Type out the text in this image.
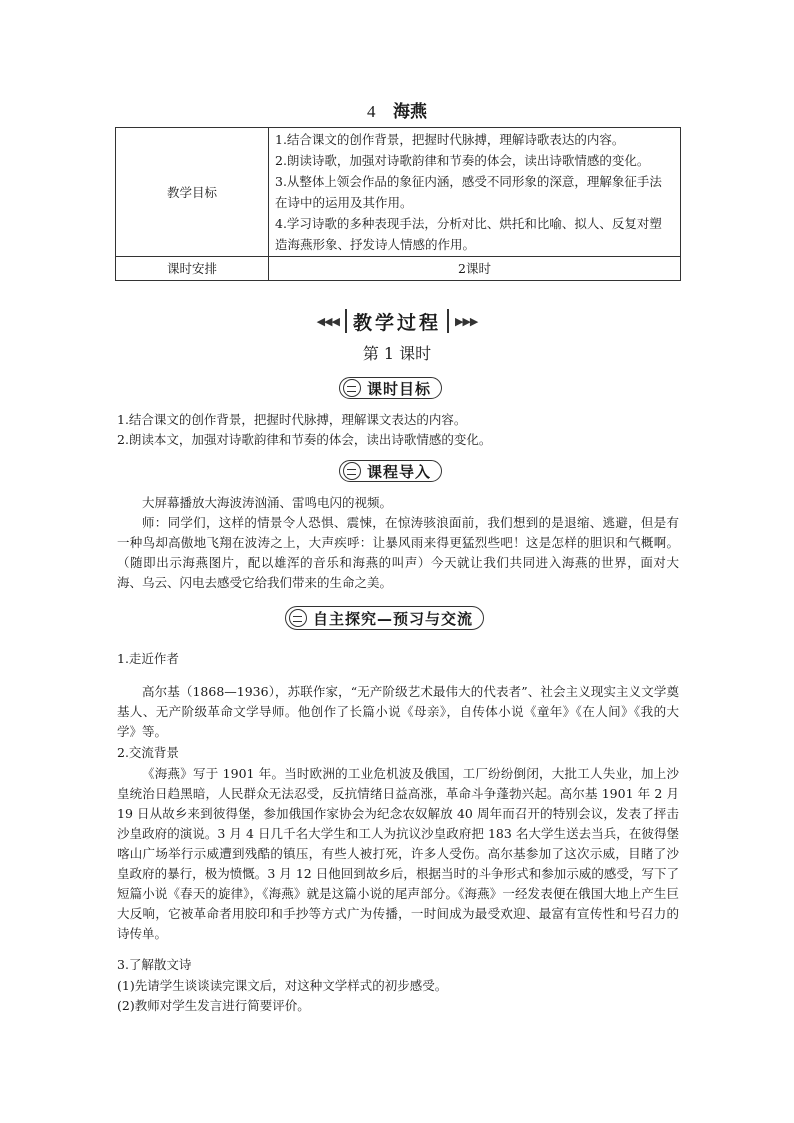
4 海燕
教学目标	1.结合课文的创作背景，把握时代脉搏，理解诗歌表达的内容。
2.朗读诗歌，加强对诗歌韵律和节奏的体会，读出诗歌情感的变化。
3.从整体上领会作品的象征内涵，感受不同形象的深意，理解象征手法在诗中的运用及其作用。
4.学习诗歌的多种表现手法，分析对比、烘托和比喻、拟人、反复对塑造海燕形象、抒发诗人情感的作用。

课时安排	2课时
◀◀◀ 教学过程 ▶▶▶
第 1 课时
课时目标
1.结合课文的创作背景，把握时代脉搏，理解课文表达的内容。
2.朗读本文，加强对诗歌韵律和节奏的体会，读出诗歌情感的变化。
课程导入
大屏幕播放大海波涛汹涌、雷鸣电闪的视频。
师：同学们，这样的情景令人恐惧、震悚，在惊涛骇浪面前，我们想到的是退缩、逃避，但是有一种鸟却高傲地飞翔在波涛之上，大声疾呼：让暴风雨来得更猛烈些吧！这是怎样的胆识和气概啊。（随即出示海燕图片，配以雄浑的音乐和海燕的叫声）今天就让我们共同进入海燕的世界，面对大海、乌云、闪电去感受它给我们带来的生命之美。
自主探究—预习与交流
1.走近作者
高尔基（1868—1936），苏联作家，“无产阶级艺术最伟大的代表者”、社会主义现实主义文学奠基人、无产阶级革命文学导师。他创作了长篇小说《母亲》，自传体小说《童年》《在人间》《我的大学》等。
2.交流背景
《海燕》写于 1901 年。当时欧洲的工业危机波及俄国，工厂纷纷倒闭，大批工人失业，加上沙皇统治日趋黑暗，人民群众无法忍受，反抗情绪日益高涨，革命斗争蓬勃兴起。高尔基 1901 年 2 月 19 日从故乡来到彼得堡，参加俄国作家协会为纪念农奴解放 40 周年而召开的特别会议，发表了抨击沙皇政府的演说。3 月 4 日几千名大学生和工人为抗议沙皇政府把 183 名大学生送去当兵，在彼得堡喀山广场举行示威遭到残酷的镇压，有些人被打死，许多人受伤。高尔基参加了这次示威，目睹了沙皇政府的暴行，极为愤慨。3 月 12 日他回到故乡后，根据当时的斗争形式和参加示威的感受，写下了短篇小说《春天的旋律》，《海燕》就是这篇小说的尾声部分。《海燕》一经发表便在俄国大地上产生巨大反响，它被革命者用胶印和手抄等方式广为传播，一时间成为最受欢迎、最富有宣传性和号召力的诗传单。
3.了解散文诗
(1)先请学生谈谈读完课文后，对这种文学样式的初步感受。
(2)教师对学生发言进行简要评价。
